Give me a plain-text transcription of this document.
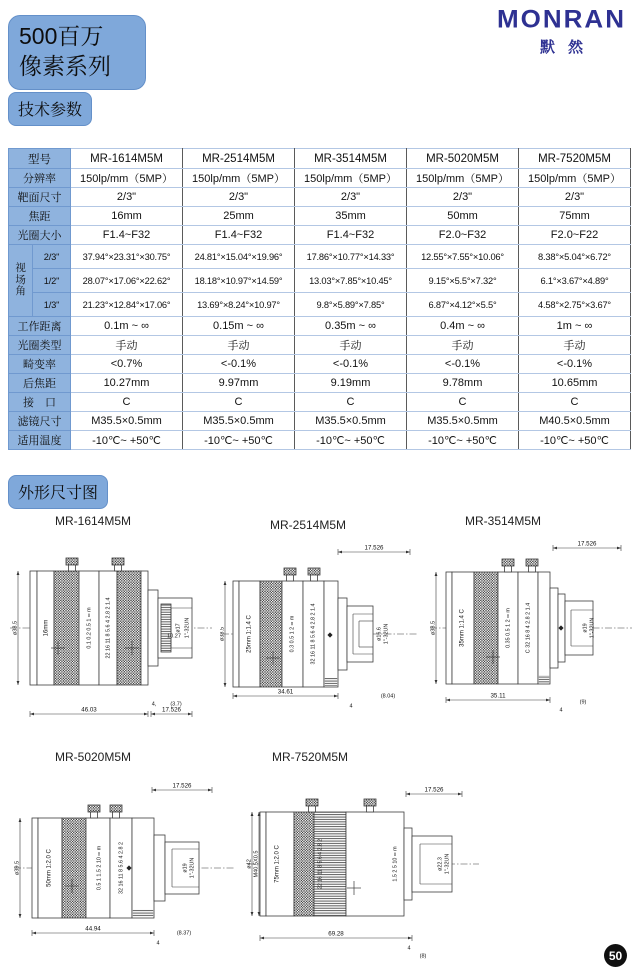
500百万
像素系列
MONRAN
默然
技术参数
型号		MR-1614M5M	MR-2514M5M	MR-3514M5M	MR-5020M5M	MR-7520M5M
分辨率		150lp/mm（5MP）	150lp/mm（5MP）	150lp/mm（5MP）	150lp/mm（5MP）	150lp/mm（5MP）
靶面尺寸		2/3"	2/3"	2/3"	2/3"	2/3"
焦距		16mm	25mm	35mm	50mm	75mm
光圈大小		F1.4~F32	F1.4~F32	F1.4~F32	F2.0~F32	F2.0~F22

视场角	2/3"	37.94°×23.31°×30.75°	24.81°×15.04°×19.96°	17.86°×10.77°×14.33°	12.55°×7.55°×10.06°	8.38°×5.04°×6.72°
	1/2"	28.07°×17.06°×22.62°	18.18°×10.97°×14.59°	13.03°×7.85°×10.45°	9.15°×5.5°×7.32°	6.1°×3.67°×4.89°
	1/3"	21.23°×12.84°×17.06°	13.69°×8.24°×10.97°	9.8°×5.89°×7.85°	6.87°×4.12°×5.5°	4.58°×2.75°×3.67°
工作距离		0.1m ~ ∞	0.15m ~ ∞	0.35m ~ ∞	0.4m ~ ∞	1m ~ ∞
光圈类型		手动	手动	手动	手动	手动
畸变率		<0.7%	<-0.1%	<-0.1%	<-0.1%	<-0.1%
后焦距		10.27mm	9.97mm	9.19mm	9.78mm	10.65mm
接　口		C	C	C	C	C
滤镜尺寸		M35.5×0.5mm	M35.5×0.5mm	M35.5×0.5mm	M35.5×0.5mm	M40.5×0.5mm
适用温度		-10℃~ +50℃	-10℃~ +50℃	-10℃~ +50℃	-10℃~ +50℃	-10℃~ +50℃
外形尺寸图
MR-1614M5M
16mm	0.1 0.2 0.5 1 ∞ m 22 16 11 8 5.6 4 2.8 2 1.4	ø17 1"-32UN
ø38.5
46.03	17.526
4,	(3.7)
10.27
MR-2514M5M
25mm 1:1.4 C	0.3 0.5 1 2 ∞ m	32 16 11 8 5.6 4 2.8 2 1.4	ø16.6 1"-32UN
ø38.5
17.526
34.61
4
(8.04)
MR-3514M5M
35mm 1:1.4 C	0.35 0.5 1 2 ∞ m	C 32 16 8 4 2.8 2 1.4	ø19 1"-32UN
ø38.5
17.526
35.11
4
(9)
MR-5020M5M
50mm 1:2.0 C	0.5 1 1.5 2 10 ∞ m	32 16 11 8 5.6 4 2.8 2	ø19 1"-32UN
ø39.5
17.526
44.94
4
(8.37)
MR-7520M5M
75mm 1:2.0 C	1.5 2 5 10 ∞ m
22 16 11 8 5.6 4 2.8 2	ø22.3 1"-32UN
ø42 M40.5X0.5
17.526
69.28
4
(8)	50
